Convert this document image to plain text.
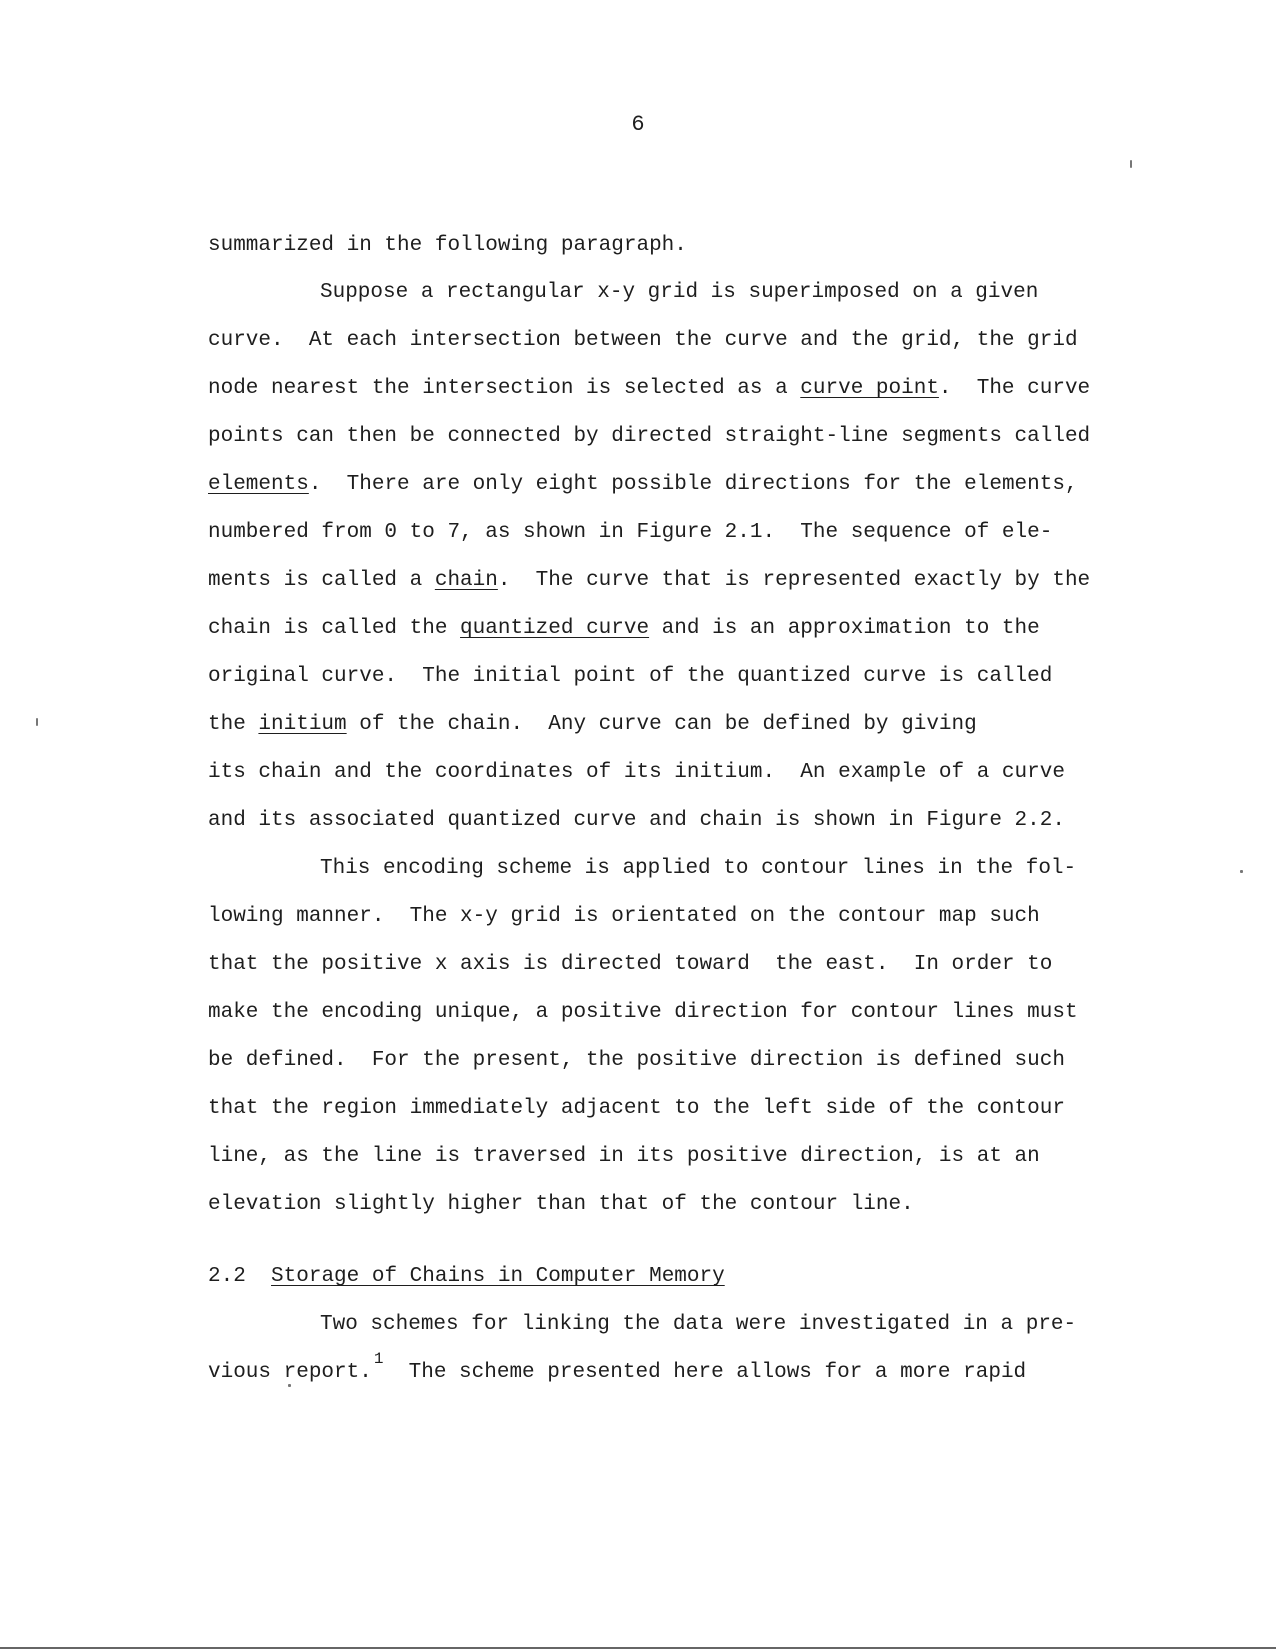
6
summarized in the following paragraph.
Suppose a rectangular x-y grid is superimposed on a given
curve.  At each intersection between the curve and the grid, the grid
node nearest the intersection is selected as a curve point.  The curve
points can then be connected by directed straight-line segments called
elements.  There are only eight possible directions for the elements,
numbered from 0 to 7, as shown in Figure 2.1.  The sequence of ele-
ments is called a chain.  The curve that is represented exactly by the
chain is called the quantized curve and is an approximation to the
original curve.  The initial point of the quantized curve is called
the initium of the chain.  Any curve can be defined by giving
its chain and the coordinates of its initium.  An example of a curve
and its associated quantized curve and chain is shown in Figure 2.2.
This encoding scheme is applied to contour lines in the fol-
lowing manner.  The x-y grid is orientated on the contour map such
that the positive x axis is directed toward  the east.  In order to
make the encoding unique, a positive direction for contour lines must
be defined.  For the present, the positive direction is defined such
that the region immediately adjacent to the left side of the contour
line, as the line is traversed in its positive direction, is at an
elevation slightly higher than that of the contour line.
2.2 Storage of Chains in Computer Memory
Two schemes for linking the data were investigated in a pre-
vious report.$^1$  The scheme presented here allows for a more rapid
